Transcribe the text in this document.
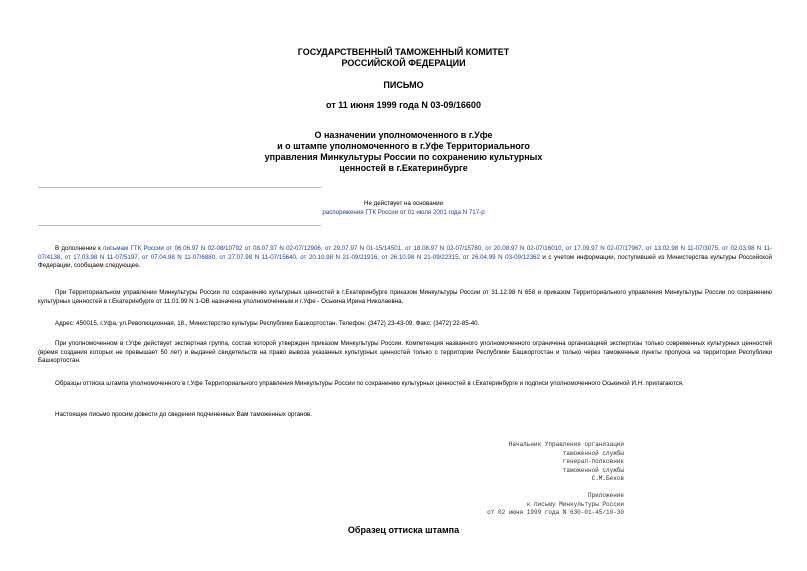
ГОСУДАРСТВЕННЫЙ ТАМОЖЕННЫЙ КОМИТЕТ
РОССИЙСКОЙ ФЕДЕРАЦИИ
ПИСЬМО
от 11 июня 1999 года N 03-09/16600
О назначении уполномоченного в г.Уфе
и о штампе уполномоченного в г.Уфе Территориального
управления Минкультуры России по сохранению культурных
ценностей в г.Екатеринбурге
Не действует на основании
распоряжения ГТК России от 01 июля 2001 года N 717-р
В дополнение к письмам ГТК России от 06.06.97 N 02-08/10792 от 08.07.97 N 02-07/12906, от 29.07.97 N 01-15/14501, от 18.08.97 N 02-07/15780, от 20.08.97 N 02-07/16010, от 17.09.97 N 02-07/17967, от 13.02.98 N 11-07/3075, от 02.03.98 N 11-07/4138, от 17.03.98 N 11-07/5197, от 07.04.98 N 11-07/6880, от 27.07.98 N 11-07/15640, от 20.10.98 N 21-09/21916, от 26.10.98 N 21-09/22315, от 26.04.99 N 03-09/12362 и с учетом информации, поступившей из Министерства культуры Российской Федерации, сообщаем следующее.
При Территориальном управлении Минкультуры России по сохранению культурных ценностей в г.Екатеринбурге приказом Минкультуры России от 31.12.98 N 658 и приказом Территориального управления Минкультуры России по сохранению культурных ценностей в г.Екатеринбурге от 11.01.99 N 1-ОВ назначена уполномоченным и г.Уфе - Оськина Ирина Николаевна.
Адрес: 450015, г.Уфа, ул.Революционная, 18., Министерство культуры Республики Башкортостан. Телефон: (3472) 23-43-09. Факс: (3472) 22-85-40.
При уполномоченном в г.Уфе действует экспертная группа, состав которой утвержден приказом Минкультуры России. Компетенция названного уполномоченного ограничена организацией экспертизы только современных культурных ценностей (время создания которых не превышает 50 лет) и выдачей свидетельств на право вывоза указанных культурных ценностей только с территории Республики Башкортостан и только через таможенные пункты пропуска на территории Республики Башкортостан.
Образцы оттиска штампа уполномоченного в г.Уфе Территориального управления Минкультуры России по сохранению культурных ценностей в г.Екатеринбурге и подписи уполномоченного Оськиной И.Н. прилагаются.
Настоящее письмо просим довести до сведения подчиненных Вам таможенных органов.
Начальник Управления организации
таможенной службы
генерал-полковник
таможенной службы
С.М.Беков
Приложение
к письму Минкультуры России
от 02 июня 1999 года N 630-01-45/10-30
Образец оттиска штампа
